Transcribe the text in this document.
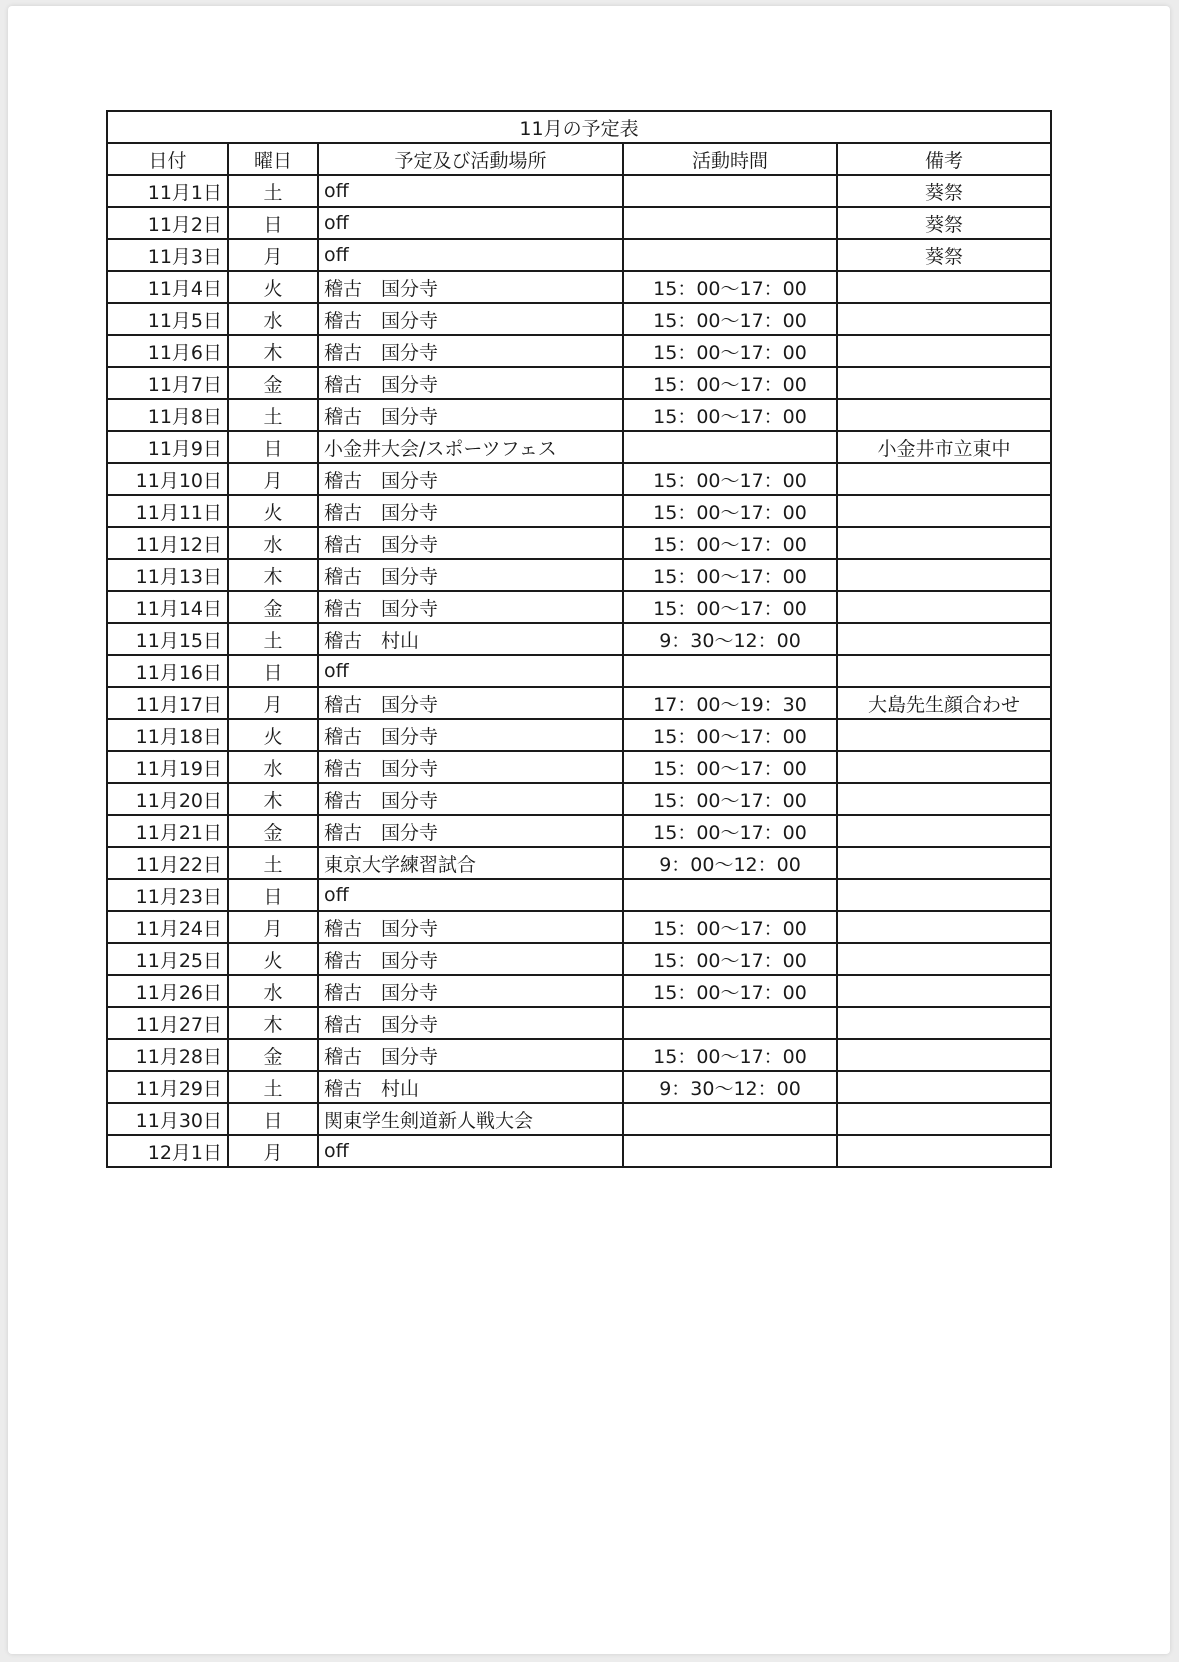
11月の予定表				
日付	曜日	予定及び活動場所	活動時間	備考
11月1日	土	off		葵祭
11月2日	日	off		葵祭
11月3日	月	off		葵祭
11月4日	火	稽古　国分寺	15：00〜17：00	
11月5日	水	稽古　国分寺	15：00〜17：00	
11月6日	木	稽古　国分寺	15：00〜17：00	
11月7日	金	稽古　国分寺	15：00〜17：00	
11月8日	土	稽古　国分寺	15：00〜17：00	
11月9日	日	小金井大会/スポーツフェス		小金井市立東中
11月10日	月	稽古　国分寺	15：00〜17：00	
11月11日	火	稽古　国分寺	15：00〜17：00	
11月12日	水	稽古　国分寺	15：00〜17：00	
11月13日	木	稽古　国分寺	15：00〜17：00	
11月14日	金	稽古　国分寺	15：00〜17：00	
11月15日	土	稽古　村山	9：30〜12：00	
11月16日	日	off		
11月17日	月	稽古　国分寺	17：00〜19：30	大島先生顔合わせ
11月18日	火	稽古　国分寺	15：00〜17：00	
11月19日	水	稽古　国分寺	15：00〜17：00	
11月20日	木	稽古　国分寺	15：00〜17：00	
11月21日	金	稽古　国分寺	15：00〜17：00	
11月22日	土	東京大学練習試合	9：00〜12：00	
11月23日	日	off		
11月24日	月	稽古　国分寺	15：00〜17：00	
11月25日	火	稽古　国分寺	15：00〜17：00	
11月26日	水	稽古　国分寺	15：00〜17：00	
11月27日	木	稽古　国分寺		
11月28日	金	稽古　国分寺	15：00〜17：00	
11月29日	土	稽古　村山	9：30〜12：00	
11月30日	日	関東学生剣道新人戦大会		
12月1日	月	off		
